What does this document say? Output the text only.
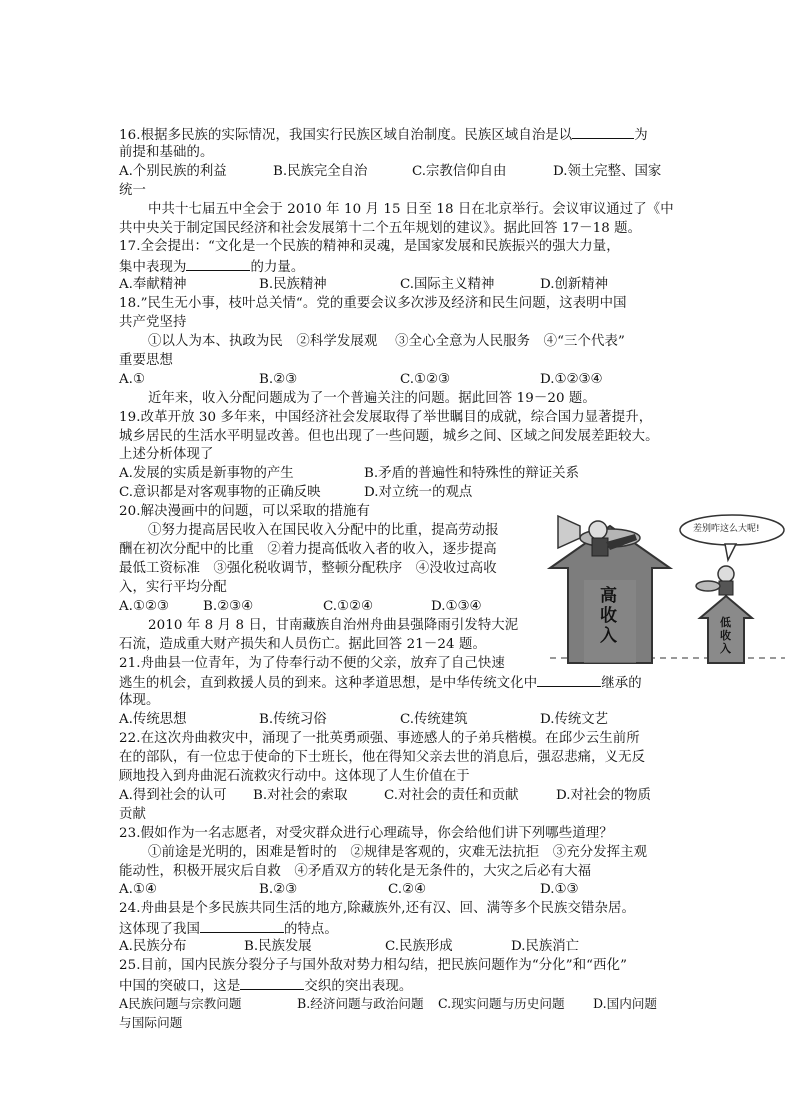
16.根据多民族的实际情况，我国实行民族区域自治制度。民族区域自治是以	为
前提和基础的。
A.个别民族的利益	B.民族完全自治	C.宗教信仰自由	D.领土完整、国家
统一
中共十七届五中全会于 2010 年 10 月 15 日至 18 日在北京举行。会议审议通过了《中
共中央关于制定国民经济和社会发展第十二个五年规划的建议》。据此回答 17－18 题。
17.全会提出：“文化是一个民族的精神和灵魂，是国家发展和民族振兴的强大力量，
集中表现为	的力量。
A.奉献精神	B.民族精神	C.国际主义精神	D.创新精神
18.”民生无小事，枝叶总关情“。党的重要会议多次涉及经济和民生问题，这表明中国
共产党坚持
①以人为本、执政为民　②科学发展观　 ③全心全意为人民服务　④“三个代表”
重要思想
A.①	B.②③	C.①②③	D.①②③④
近年来，收入分配问题成为了一个普遍关注的问题。据此回答 19－20 题。
19.改革开放 30 多年来，中国经济社会发展取得了举世瞩目的成就，综合国力显著提升，
城乡居民的生活水平明显改善。但也出现了一些问题，城乡之间、区域之间发展差距较大。
上述分析体现了
A.发展的实质是新事物的产生	B.矛盾的普遍性和特殊性的辩证关系
C.意识都是对客观事物的正确反映	D.对立统一的观点
20.解决漫画中的问题，可以采取的措施有
①努力提高居民收入在国民收入分配中的比重，提高劳动报
酬在初次分配中的比重　②着力提高低收入者的收入，逐步提高
最低工资标准　③强化税收调节，整顿分配秩序　④没收过高收
入，实行平均分配
A.①②③	B.②③④	C.①②④	D.①③④
差别咋这么大呢!
高收入
低收入
2010 年 8 月 8 日，甘南藏族自治州舟曲县强降雨引发特大泥
石流，造成重大财产损失和人员伤亡。据此回答 21－24 题。
21.舟曲县一位青年，为了侍奉行动不便的父亲，放弃了自己快速
逃生的机会，直到救援人员的到来。这种孝道思想，是中华传统文化中	继承的
体现。
A.传统思想	B.传统习俗	C.传统建筑	D.传统文艺
22.在这次舟曲救灾中，涌现了一批英勇顽强、事迹感人的子弟兵楷模。在邱少云生前所
在的部队，有一位忠于使命的下士班长，他在得知父亲去世的消息后，强忍悲痛，义无反
顾地投入到舟曲泥石流救灾行动中。这体现了人生价值在于
A.得到社会的认可 B.对社会的索取	C.对社会的责任和贡献	D.对社会的物质
贡献
23.假如作为一名志愿者，对受灾群众进行心理疏导，你会给他们讲下列哪些道理？
①前途是光明的，困难是暂时的　②规律是客观的，灾难无法抗拒　③充分发挥主观
能动性，积极开展灾后自救　④矛盾双方的转化是无条件的，大灾之后必有大福
A.①④	B.②③	C.②④	D.①③
24.舟曲县是个多民族共同生活的地方,除藏族外,还有汉、回、满等多个民族交错杂居。
这体现了我国	的特点。
A.民族分布	B.民族发展	C.民族形成	D.民族消亡
25.目前，国内民族分裂分子与国外敌对势力相勾结，把民族问题作为“分化”和“西化”
中国的突破口，这是	交织的突出表现。
A民族问题与宗教问题	B.经济问题与政治问题 C.现实问题与历史问题 D.国内问题
与国际问题
